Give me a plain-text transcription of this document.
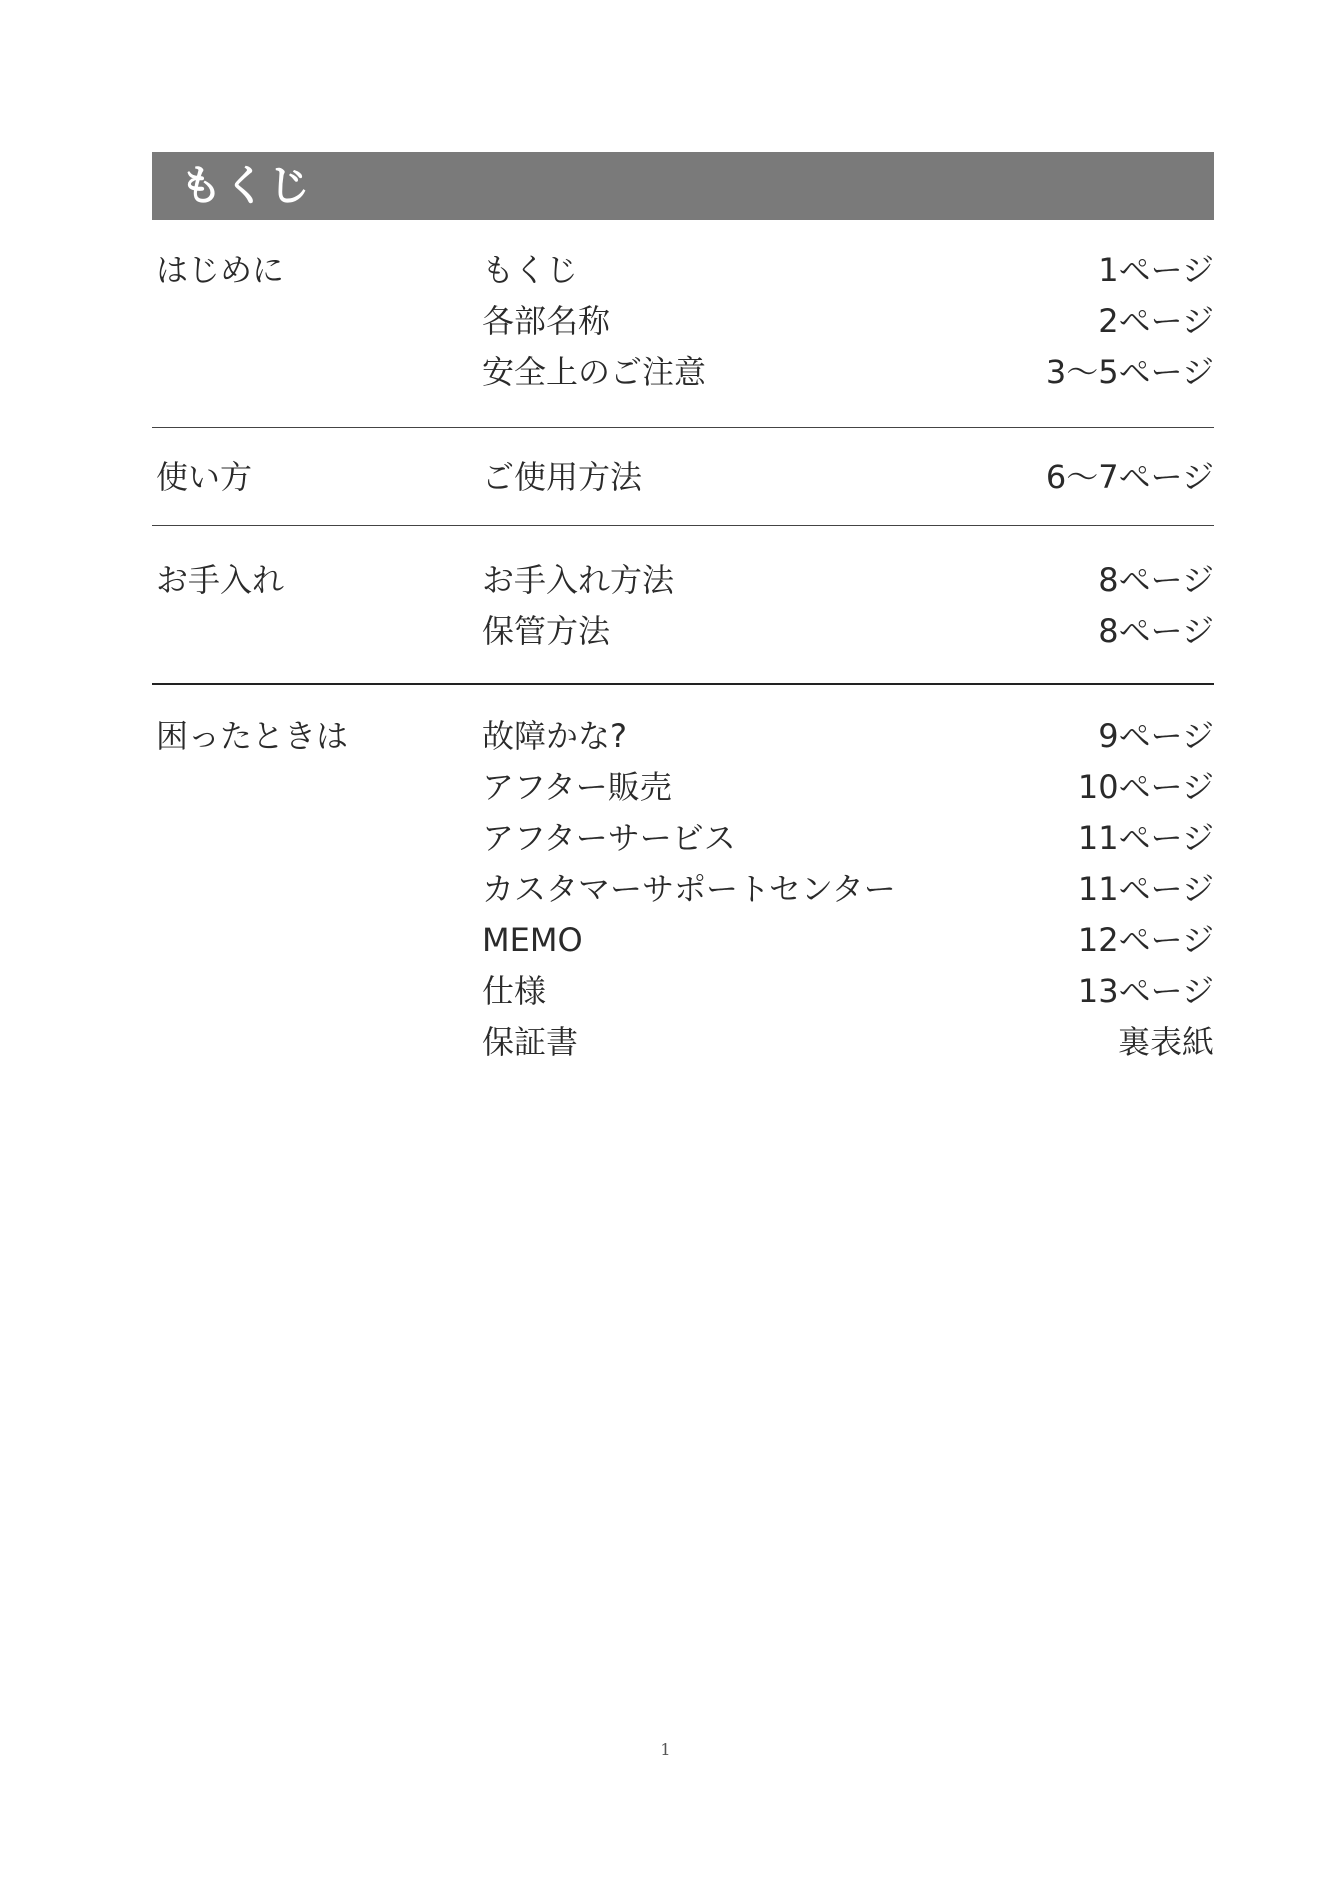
もくじ
はじめに	もくじ	1ページ
各部名称	2ページ
安全上のご注意	3〜5ページ
使い方	ご使用方法	6〜7ページ
お手入れ	お手入れ方法	8ページ
保管方法	8ページ
困ったときは	故障かな?	9ページ
アフター販売	10ページ
アフターサービス	11ページ
カスタマーサポートセンター	11ページ
MEMO	12ページ
仕様	13ページ
保証書	裏表紙
1
